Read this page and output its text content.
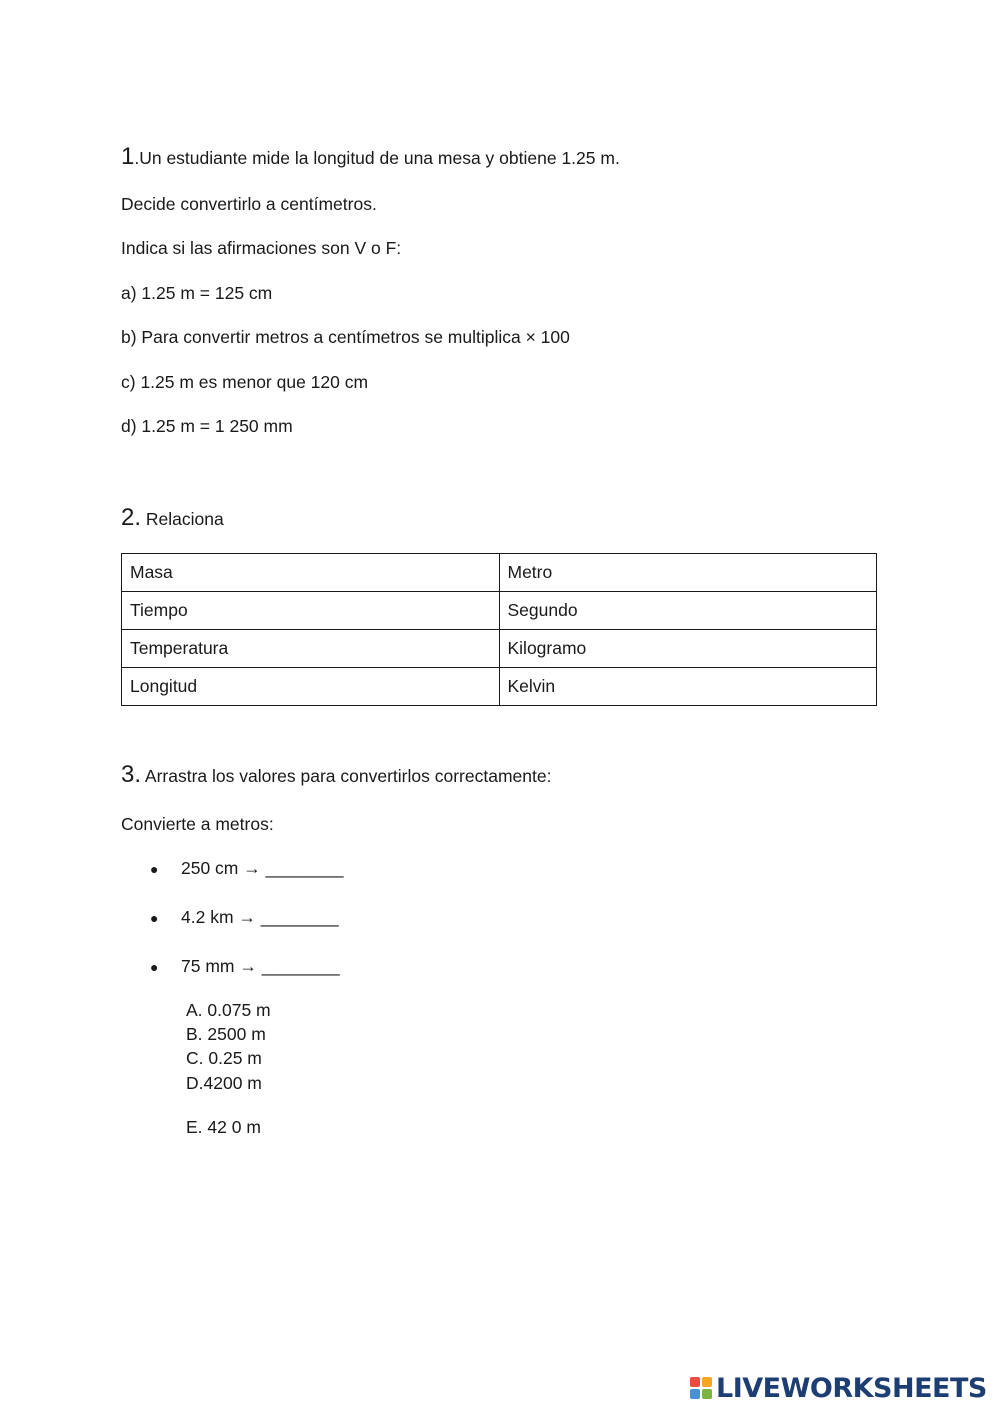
1.Un estudiante mide la longitud de una mesa y obtiene 1.25 m.
Decide convertirlo a centímetros.
Indica si las afirmaciones son V o F:
a) 1.25 m = 125 cm
b) Para convertir metros a centímetros se multiplica × 100
c) 1.25 m es menor que 120 cm
d) 1.25 m = 1 250 mm
2. Relaciona
Masa	Metro
Tiempo	Segundo
Temperatura	Kilogramo
Longitud	Kelvin
3. Arrastra los valores para convertirlos correctamente:
Convierte a metros:
● 250 cm → ________
● 4.2 km → ________
● 75 mm → ________
A. 0.075 m
B. 2500 m
C. 0.25 m
D.4200 m
E. 42 0 m
LIVEWORKSHEETS
